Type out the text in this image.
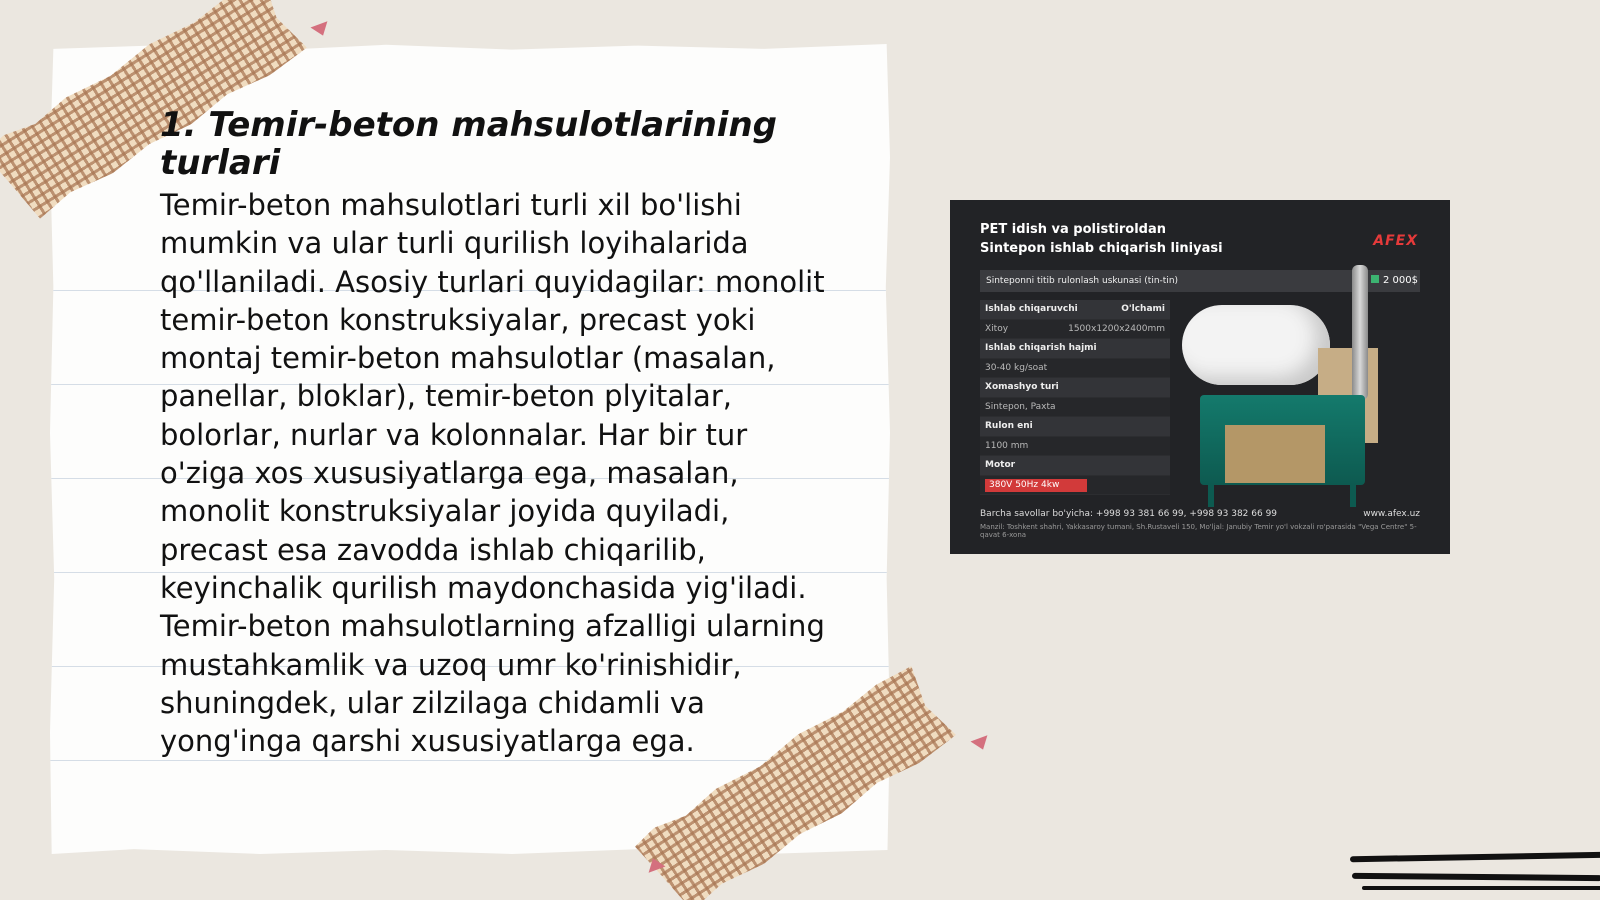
1. Temir-beton mahsulotlarining turlari

Temir-beton mahsulotlari turli xil bo'lishi mumkin va ular turli qurilish loyihalarida qo'llaniladi. Asosiy turlari quyidagilar: monolit temir-beton konstruksiyalar, precast yoki montaj temir-beton mahsulotlar (masalan, panellar, bloklar), temir-beton plyitalar, bolorlar, nurlar va kolonnalar. Har bir tur o'ziga xos xususiyatlarga ega, masalan, monolit konstruksiyalar joyida quyiladi, precast esa zavodda ishlab chiqarilib, keyinchalik qurilish maydonchasida yig'iladi. Temir-beton mahsulotlarning afzalligi ularning mustahkamlik va uzoq umr ko'rinishidir, shuningdek, ular zilzilaga chidamli va yong'inga qarshi xususiyatlarga ega.

PET idish va polistiroldan
Sintepon ishlab chiqarish liniyasi	AFEX
Sinteponni titib rulonlash uskunasi (tin-tin)	2 000$
Ishlab chiqaruvchi	O'lchami
Xitoy	1500x1200x2400mm
Ishlab chiqarish hajmi
30-40 kg/soat
Xomashyo turi
Sintepon, Paxta
Rulon eni
1100 mm
Motor
380V 50Hz 4kw
Barcha savollar bo'yicha: +998 93 381 66 99, +998 93 382 66 99	www.afex.uz
Manzil: Toshkent shahri, Yakkasaroy tumani, Sh.Rustaveli 150, Mo'ljal: Janubiy Temir yo'l vokzali ro'parasida "Vega Centre" 5-qavat 6-xona
